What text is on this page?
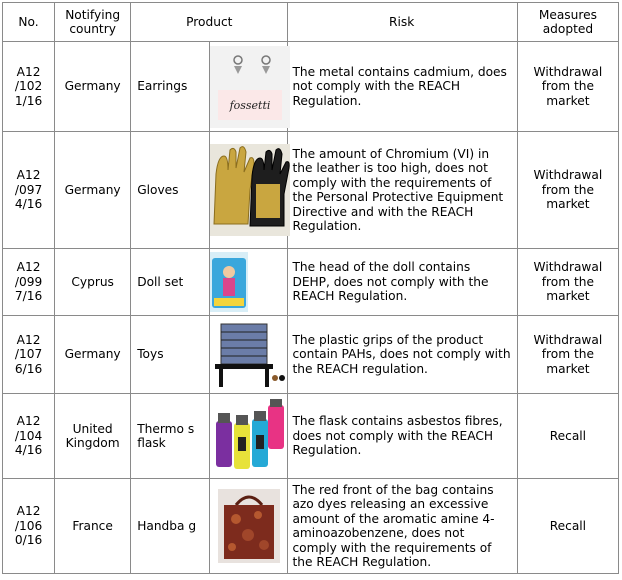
No.	Notifying country	Product		Risk	Measures adopted
A12 /102 1/16	Germany	Earrings	fossetti	The metal contains cadmium, does not comply with the REACH Regulation.	Withdrawal from the market
A12 /097 4/16	Germany	Gloves		The amount of Chromium (VI) in the leather is too high, does not comply with the requirements of the Personal Protective Equipment Directive and with the REACH Regulation.	Withdrawal from the market
A12 /099 7/16	Cyprus	Doll set		The head of the doll contains DEHP, does not comply with the REACH Regulation.	Withdrawal from the market
A12 /107 6/16	Germany	Toys		The plastic grips of the product contain PAHs, does not comply with the REACH regulation.	Withdrawal from the market
A12 /104 4/16	United Kingdom	Thermo s flask		The flask contains asbestos fibres, does not comply with the REACH Regulation.	Recall
A12 /106 0/16	France	Handba g		The red front of the bag contains azo dyes releasing an excessive amount of the aromatic amine 4-aminoazobenzene, does not comply with the requirements of the REACH Regulation.	Recall
